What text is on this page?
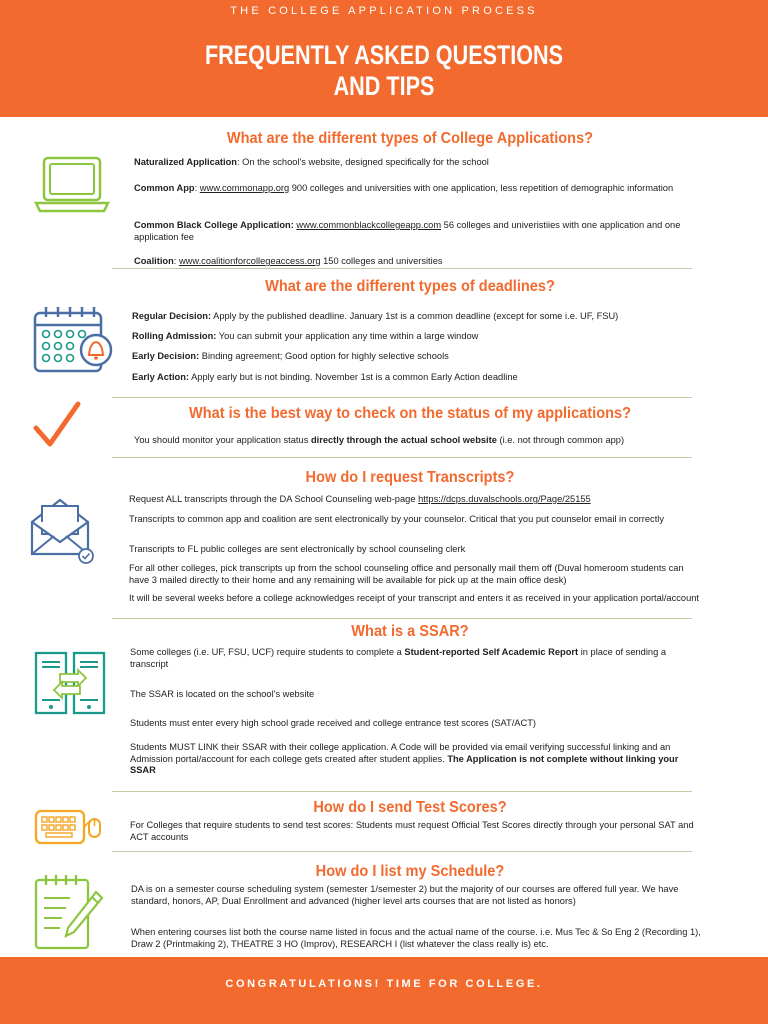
THE COLLEGE APPLICATION PROCESS
FREQUENTLY ASKED QUESTIONS
AND TIPS
What are the different types of College Applications?
Naturalized Application: On the school's website, designed specifically for the school
Common App: www.commonapp.org 900 colleges and universities with one application, less repetition of demographic information
Common Black College Application: www.commonblackcollegeapp.com 56 colleges and univeristiies with one application and one application fee
Coalition: www.coalitionforcollegeaccess.org 150 colleges and universities
What are the different types of deadlines?
Regular Decision: Apply by the published deadline. January 1st is a common deadline (except for some i.e. UF, FSU)
Rolling Admission: You can submit your application any time within a large window
Early Decision: Binding agreement; Good option for highly selective schools
Early Action: Apply early but is not binding. November 1st is a common Early Action deadline
What is the best way to check on the status of my applications?
You should monitor your application status directly through the actual school website (i.e. not through common app)
How do I request Transcripts?
Request ALL transcripts through the DA School Counseling web-page https://dcps.duvalschools.org/Page/25155
Transcripts to common app and coalition are sent electronically by your counselor. Critical that you put counselor email in correctly
Transcripts to FL public colleges are sent electronically by school counseling clerk
For all other colleges, pick transcripts up from the school counseling office and personally mail them off (Duval homeroom students can have 3 mailed directly to their home and any remaining will be available for pick up at the main office desk)
It will be several weeks before a college acknowledges receipt of your transcript and enters it as received in your application portal/account
What is a SSAR?
Some colleges (i.e. UF, FSU, UCF) require students to complete a Student-reported Self Academic Report in place of sending a transcript
The SSAR is located on the school's website
Students must enter every high school grade received and college entrance test scores (SAT/ACT)
Students MUST LINK their SSAR with their college application. A Code will be provided via email verifying successful linking and an Admission portal/account for each college gets created after student applies. The Application is not complete without linking your SSAR
How do I send Test Scores?
For Colleges that require students to send test scores: Students must request Official Test Scores directly through your personal SAT and ACT accounts
How do I list my Schedule?
DA is on a semester course scheduling system (semester 1/semester 2) but the majority of our courses are offered full year. We have standard, honors, AP, Dual Enrollment and advanced (higher level arts courses that are not listed as honors)
When entering courses list both the course name listed in focus and the actual name of the course. i.e. Mus Tec & So Eng 2 (Recording 1), Draw 2 (Printmaking 2), THEATRE 3 HO (Improv), RESEARCH I (list whatever the class really is) etc.
CONGRATULATIONS! TIME FOR COLLEGE.
